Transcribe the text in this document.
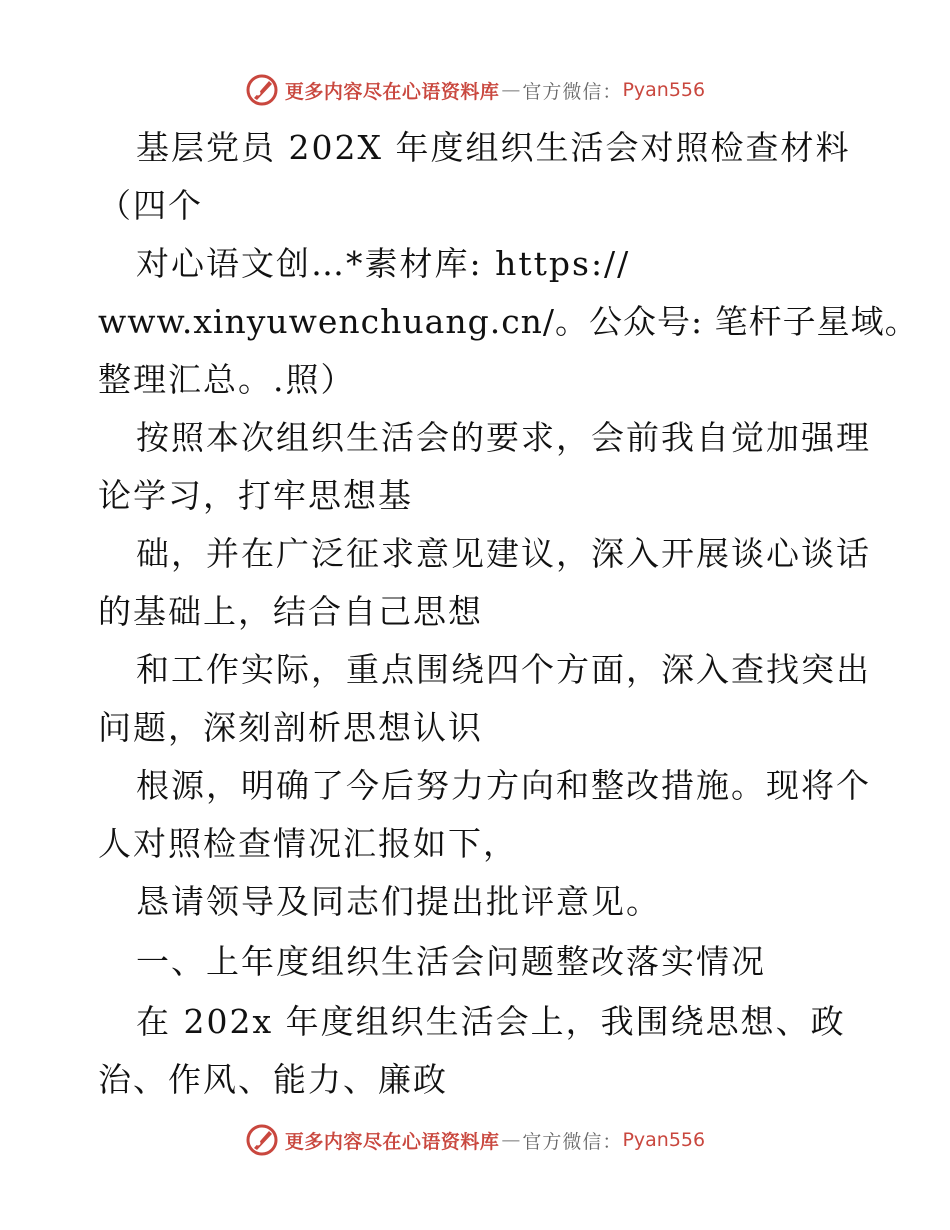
更多内容尽在心语资料库 — 官方微信： Pyan556

基层党员 202X 年度组织生活会对照检查材料

（四个

对心语文创…*素材库: https://

www.xinyuwenchuang.cn/。公众号: 笔杆子星域。

整理汇总。.照）

按照本次组织生活会的要求，会前我自觉加强理

论学习，打牢思想基

础，并在广泛征求意见建议，深入开展谈心谈话

的基础上，结合自己思想

和工作实际，重点围绕四个方面，深入查找突出

问题，深刻剖析思想认识

根源，明确了今后努力方向和整改措施。现将个

人对照检查情况汇报如下，

恳请领导及同志们提出批评意见。

一、上年度组织生活会问题整改落实情况

在 202x 年度组织生活会上，我围绕思想、政

治、作风、能力、廉政

更多内容尽在心语资料库 — 官方微信： Pyan556
